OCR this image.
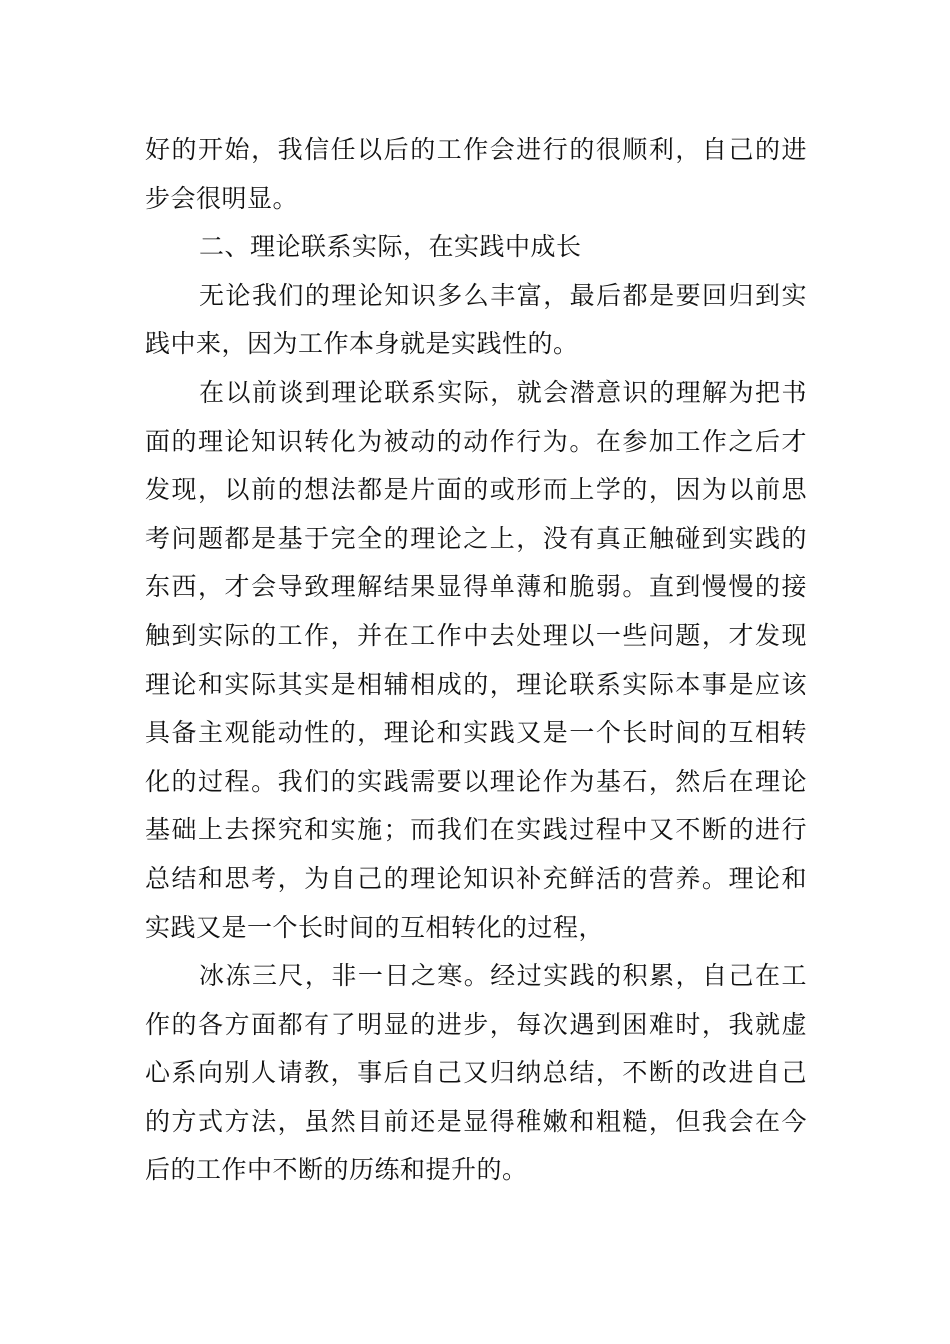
好的开始，我信任以后的工作会进行的很顺利，自己的进
步会很明显。
二、理论联系实际，在实践中成长
无论我们的理论知识多么丰富，最后都是要回归到实
践中来，因为工作本身就是实践性的。
在以前谈到理论联系实际，就会潜意识的理解为把书
面的理论知识转化为被动的动作行为。在参加工作之后才
发现，以前的想法都是片面的或形而上学的，因为以前思
考问题都是基于完全的理论之上，没有真正触碰到实践的
东西，才会导致理解结果显得单薄和脆弱。直到慢慢的接
触到实际的工作，并在工作中去处理以一些问题，才发现
理论和实际其实是相辅相成的，理论联系实际本事是应该
具备主观能动性的，理论和实践又是一个长时间的互相转
化的过程。我们的实践需要以理论作为基石，然后在理论
基础上去探究和实施；而我们在实践过程中又不断的进行
总结和思考，为自己的理论知识补充鲜活的营养。理论和
实践又是一个长时间的互相转化的过程，
冰冻三尺，非一日之寒。经过实践的积累，自己在工
作的各方面都有了明显的进步，每次遇到困难时，我就虚
心系向别人请教，事后自己又归纳总结，不断的改进自己
的方式方法，虽然目前还是显得稚嫩和粗糙，但我会在今
后的工作中不断的历练和提升的。
